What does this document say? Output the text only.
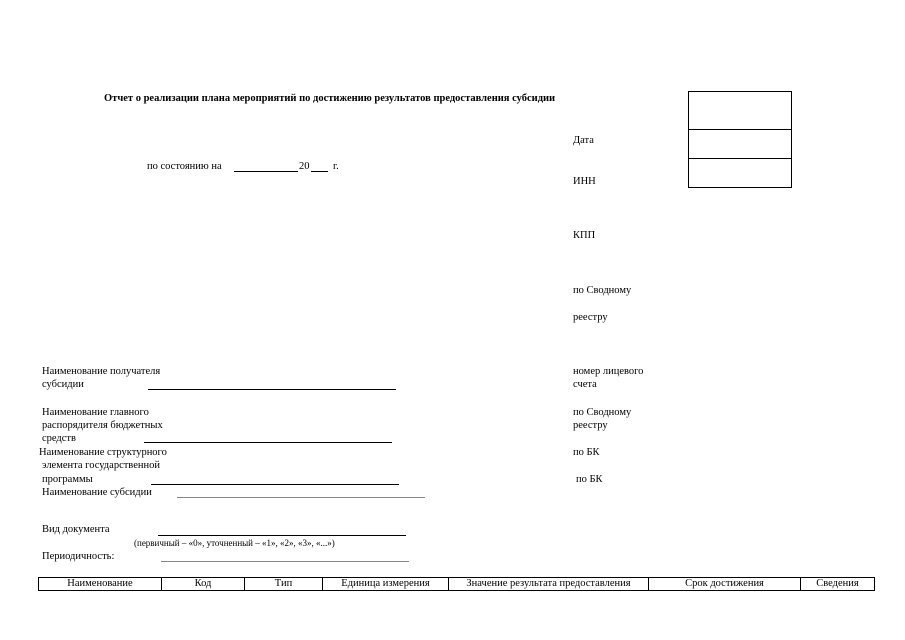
Отчет о реализации плана мероприятий по достижению результатов предоставления субсидии
по состоянию на	20 г.
Дата
ИНН
КПП
по Сводному
реестру
номер лицевого
счета
по Сводному
реестру
по БК
по БК
Наименование получателя
субсидии
Наименование главного
распорядителя бюджетных
средств
Наименование структурного
элемента государственной
программы
Наименование субсидии
Вид документа
(первичный – «0», уточненный – «1», «2», «3», «...»)
Периодичность:
Наименование	Код	Тип	Единица измерения	Значение результата предоставления	Срок достижения	Сведения
